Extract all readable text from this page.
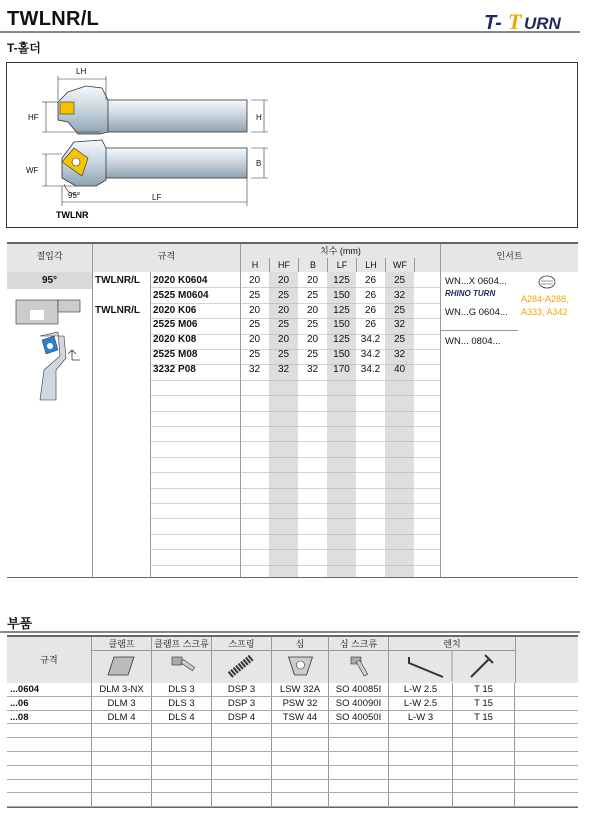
TWLNR/L
T-홀더
T- T URN
LH
HF	H
WF
B
LF
95°
TWLNR
절입각	규격	치수 (mm)	인서트
95°
H	HF	B	LF	LH	WF
TWLNR/L	2020 K0604	20	20	20	125	26	25
2525 M0604	25	25	25	150	26	32
TWLNR/L	2020 K06	20	20	20	125	26	25
2525 M06	25	25	25	150	26	32
2020 K08	20	20	20	125	34.2	25
2525 M08	25	25	25	150	34.2	32
3232 P08	32	32	32	170	34.2	40
WN...X 0604...
RHINO TURN
WN...G 0604...
WN... 0804...
A284-A288,
A333, A342
부품
규격
클램프	클램프 스크류	스프링	심	심 스크류	렌치
...0604	DLM 3-NX	DLS 3	DSP 3	LSW 32A	SO 40085I	L-W 2.5	T 15
...06	DLM 3	DLS 3	DSP 3	PSW 32	SO 40090I	L-W 2.5	T 15
...08	DLM 4	DLS 4	DSP 4	TSW 44	SO 40050I	L-W 3	T 15
